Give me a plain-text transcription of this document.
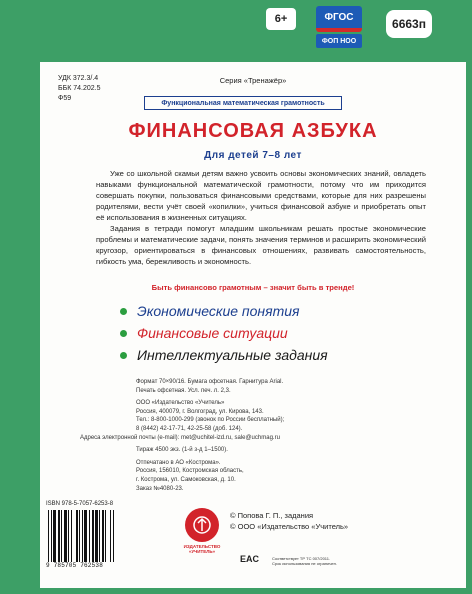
6+	ФГОС
ФОП НОО
6663п
УДК 372.3/.4
ББК 74.202.5
Ф59
Серия «Тренажёр»
Функциональная математическая грамотность
ФИНАНСОВАЯ АЗБУКА
Для детей 7–8 лет

Уже со школьной скамьи детям важно усвоить основы экономических знаний, овладеть навыками функциональной математической грамотности, потому что им приходится совершать покупки, пользоваться финансовыми средствами, которые для них разрешены родителями, вести учёт своей «копилки», учиться финансовой азбуке и приобретать опыт её использования в жизненных ситуациях.

Задания в тетради помогут младшим школьникам решать простые экономические проблемы и математические задачи, понять значения терминов и расширить экономический кругозор, ориентироваться в финансовых отношениях, развивать самостоятельность, гибкость ума, бережливость и экономность.

Быть финансово грамотным – значит быть в тренде!
Экономические понятия
Финансовые ситуации
Интеллектуальные задания
Формат 70×90/16. Бумага офсетная. Гарнитура Arial.
Печать офсетная. Усл. печ. л. 2,3.
ООО «Издательство «Учитель»
Россия, 400079, г. Волгоград, ул. Кирова, 143.
Тел.: 8-800-1000-299 (звонок по России бесплатный);
8 (8442) 42-17-71, 42-25-58 (доб. 124).
Адреса электронной почты (e-mail): met@uchitel-izd.ru, sale@uchmag.ru
Тираж 4500 экз. (1-й з-д 1–1500).
Отпечатано в АО «Кострома».
Россия, 156010, Костромская область,
г. Кострома, ул. Самоковская, д. 10.
Заказ №4080-23.
ISBN 978-5-7057-6253-8
9 785705 762538
ИЗДАТЕЛЬСТВО «УЧИТЕЛЬ»
© Попова Г. П., задания
© ООО «Издательство «Учитель»
EAC	Соответствует ТР ТС 007/2011.
Срок использования не ограничен.
